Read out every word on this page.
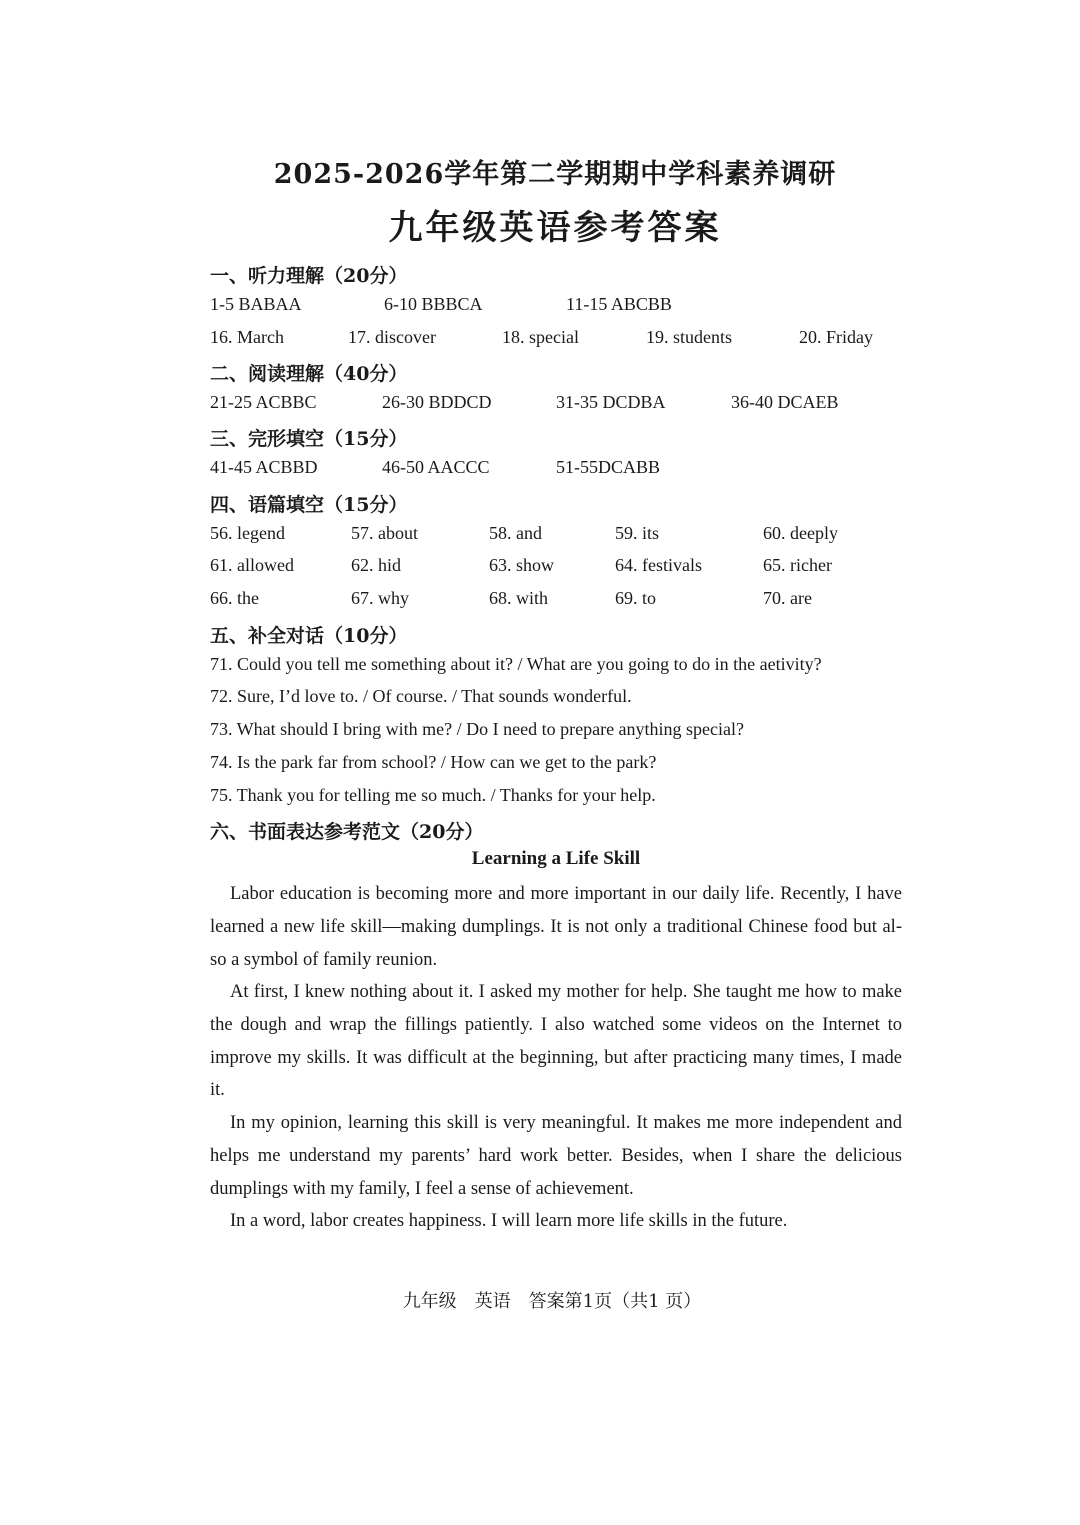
2025-2026学年第二学期期中学科素养调研
九年级英语参考答案
一、听力理解（20分）
1-5 BABAA	6-10 BBBCA	11-15 ABCBB
16. March	17. discover	18. special	19. students	20. Friday
二、阅读理解（40分）
21-25 ACBBC	26-30 BDDCD	31-35 DCDBA	36-40 DCAEB
三、完形填空（15分）
41-45 ACBBD	46-50 AACCC	51-55DCABB
四、语篇填空（15分）
56. legend	57. about	58. and	59. its	60. deeply
61. allowed	62. hid	63. show	64. festivals	65. richer
66. the	67. why	68. with	69. to	70. are
五、补全对话（10分）
71. Could you tell me something about it? / What are you going to do in the aetivity?
72. Sure, I’d love to. / Of course. / That sounds wonderful.
73. What should I bring with me? / Do I need to prepare anything special?
74. Is the park far from school? / How can we get to the park?
75. Thank you for telling me so much. / Thanks for your help.
六、书面表达参考范文（20分）
Learning a Life Skill

Labor education is becoming more and more important in our daily life. Recently, I have learned a new life skill—making dumplings. It is not only a traditional Chinese food but al-so a symbol of family reunion.

At first, I knew nothing about it. I asked my mother for help. She taught me how to make the dough and wrap the fillings patiently. I also watched some videos on the Internet to improve my skills. It was difficult at the beginning, but after practicing many times, I made it.

In my opinion, learning this skill is very meaningful. It makes me more independent and helps me understand my parents’ hard work better. Besides, when I share the delicious dumplings with my family, I feel a sense of achievement.

In a word, labor creates happiness. I will learn more life skills in the future.

九年级　英语　答案第1页（共1 页）
